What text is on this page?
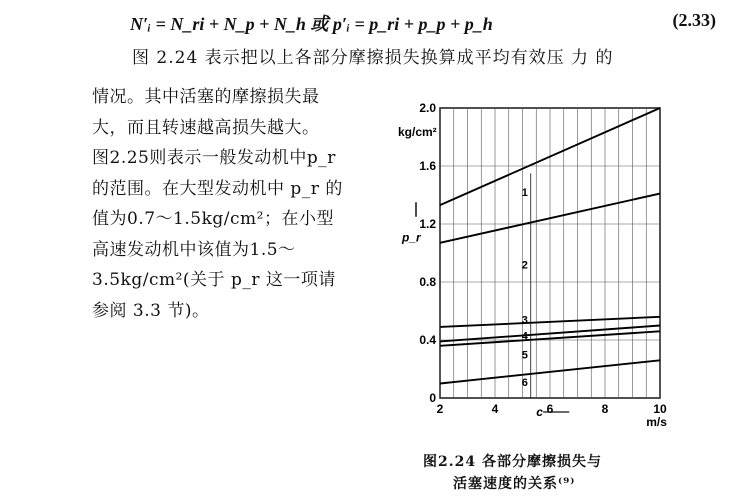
N′ᵢ = N_ri + N_p + N_h 或 p′ᵢ = p_ri + p_p + p_h	(2.33)
图 2.24 表示把以上各部分摩擦损失换算成平均有效压 力 的
情况。其中活塞的摩擦损失最
大，而且转速越高损失越大。
图2.25则表示一般发动机中p_r
的范围。在大型发动机中 p_r 的
值为0.7～1.5kg/cm²；在小型
高速发动机中该值为1.5～
3.5kg/cm²(关于 p_r 这一项请
参阅 3.3 节)。
0
0.4
0.8
1.2
1.6
2.0
2	4	6	8	10
kg/cm²
p_r
c
m/s
1
2
3
4
5
6
图2.24 各部分摩擦损失与
活塞速度的关系⁽⁹⁾
